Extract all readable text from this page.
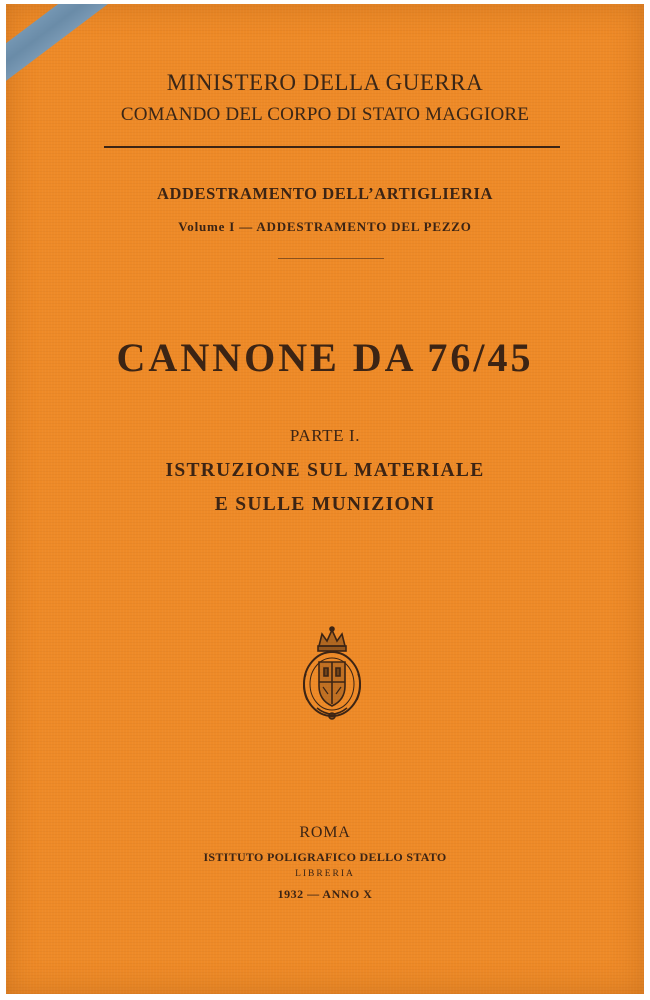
MINISTERO DELLA GUERRA
COMANDO DEL CORPO DI STATO MAGGIORE
ADDESTRAMENTO DELL’ARTIGLIERIA
Volume I — ADDESTRAMENTO DEL PEZZO
CANNONE DA 76/45
PARTE I.
ISTRUZIONE SUL MATERIALE
E SULLE MUNIZIONI
ROMA
ISTITUTO POLIGRAFICO DELLO STATO
LIBRERIA
1932 — ANNO X
